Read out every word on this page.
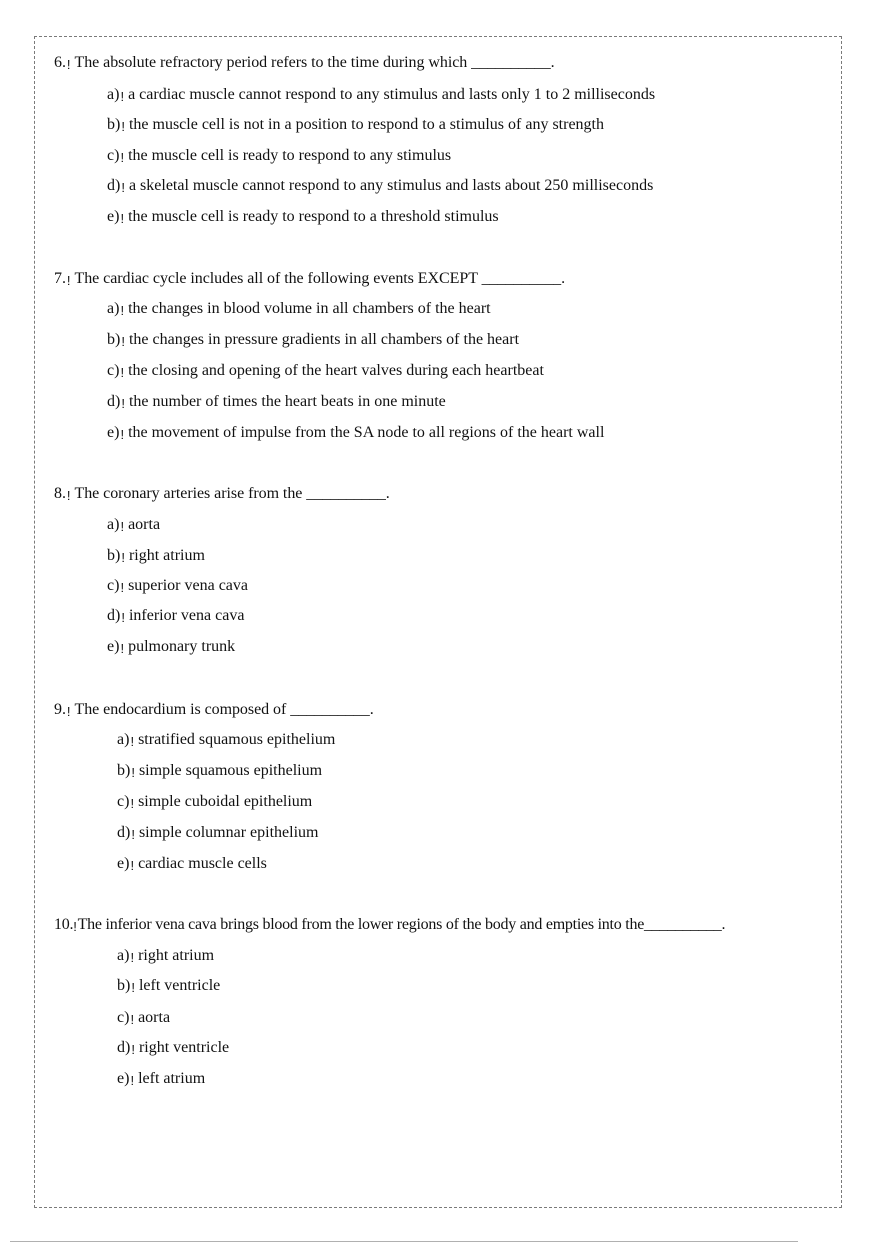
6.! The absolute refractory period refers to the time during which __________.
a)! a cardiac muscle cannot respond to any stimulus and lasts only 1 to 2 milliseconds
b)! the muscle cell is not in a position to respond to a stimulus of any strength
c)! the muscle cell is ready to respond to any stimulus
d)! a skeletal muscle cannot respond to any stimulus and lasts about 250 milliseconds
e)! the muscle cell is ready to respond to a threshold stimulus
7.! The cardiac cycle includes all of the following events EXCEPT __________.
a)! the changes in blood volume in all chambers of the heart
b)! the changes in pressure gradients in all chambers of the heart
c)! the closing and opening of the heart valves during each heartbeat
d)! the number of times the heart beats in one minute
e)! the movement of impulse from the SA node to all regions of the heart wall
8.! The coronary arteries arise from the __________.
a)! aorta
b)! right atrium
c)! superior vena cava
d)! inferior vena cava
e)! pulmonary trunk
9.! The endocardium is composed of __________.
a)! stratified squamous epithelium
b)! simple squamous epithelium
c)! simple cuboidal epithelium
d)! simple columnar epithelium
e)! cardiac muscle cells
10.!The inferior vena cava brings blood from the lower regions of the body and empties into the__________.
a)! right atrium
b)! left ventricle
c)! aorta
d)! right ventricle
e)! left atrium
